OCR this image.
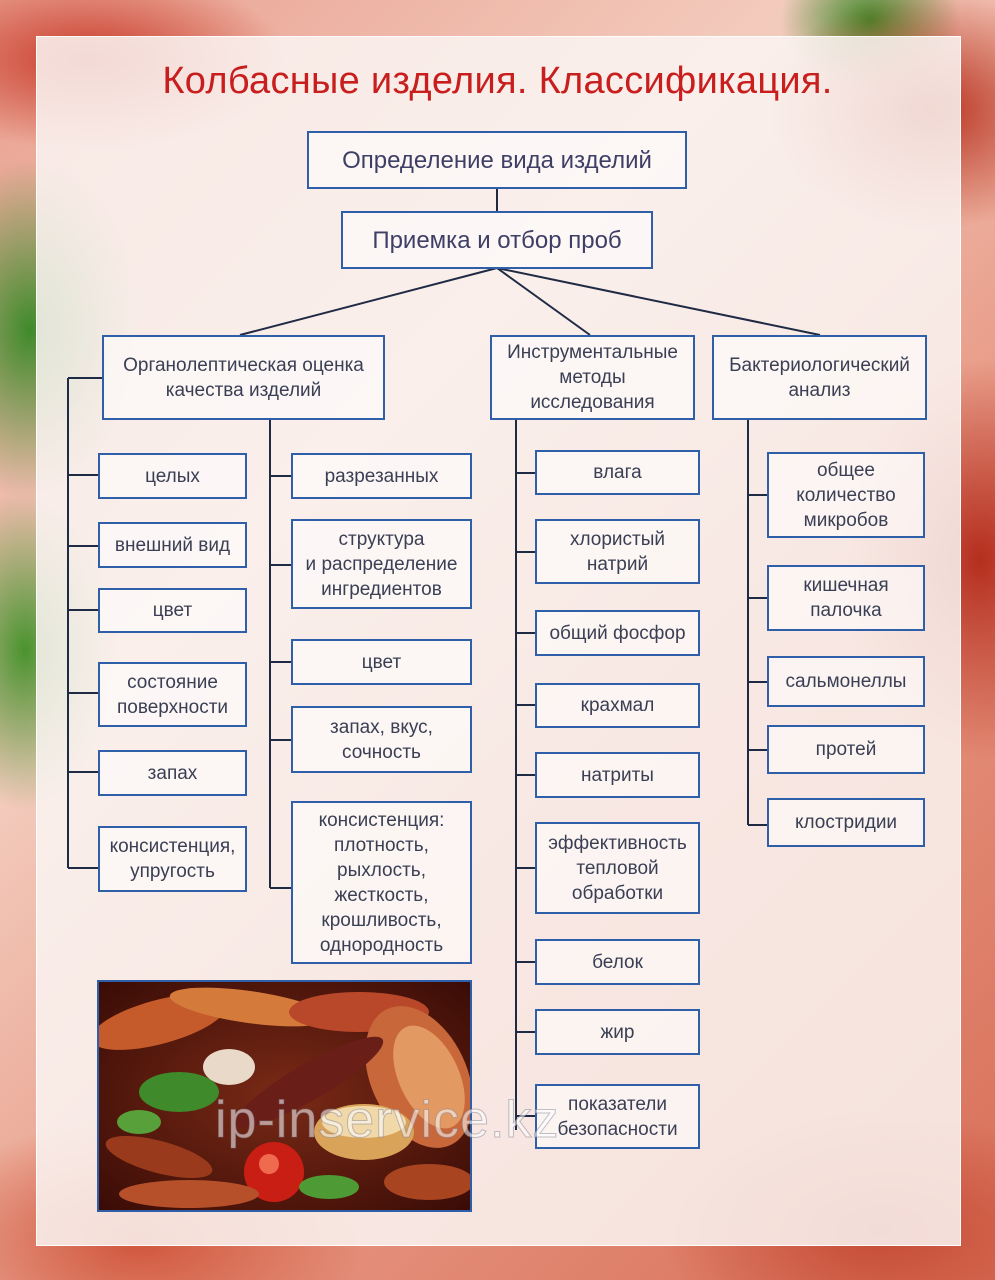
Колбасные изделия. Классификация.
Определение вида изделий
Приемка и отбор проб
Органолептическая оценка
качества изделий
Инструментальные
методы
исследования
Бактериологический
анализ
целых
внешний вид
цвет
состояние
поверхности
запах
консистенция,
упругость
разрезанных
структура
и распределение
ингредиентов
цвет
запах, вкус,
сочность
консистенция:
плотность,
рыхлость,
жесткость,
крошливость,
однородность
влага
хлористый
натрий
общий фосфор
крахмал
натриты
эффективность
тепловой
обработки
белок
жир
показатели
безопасности
общее
количество
микробов
кишечная
палочка
сальмонеллы
протей
клостридии
ip-inservice.kz
